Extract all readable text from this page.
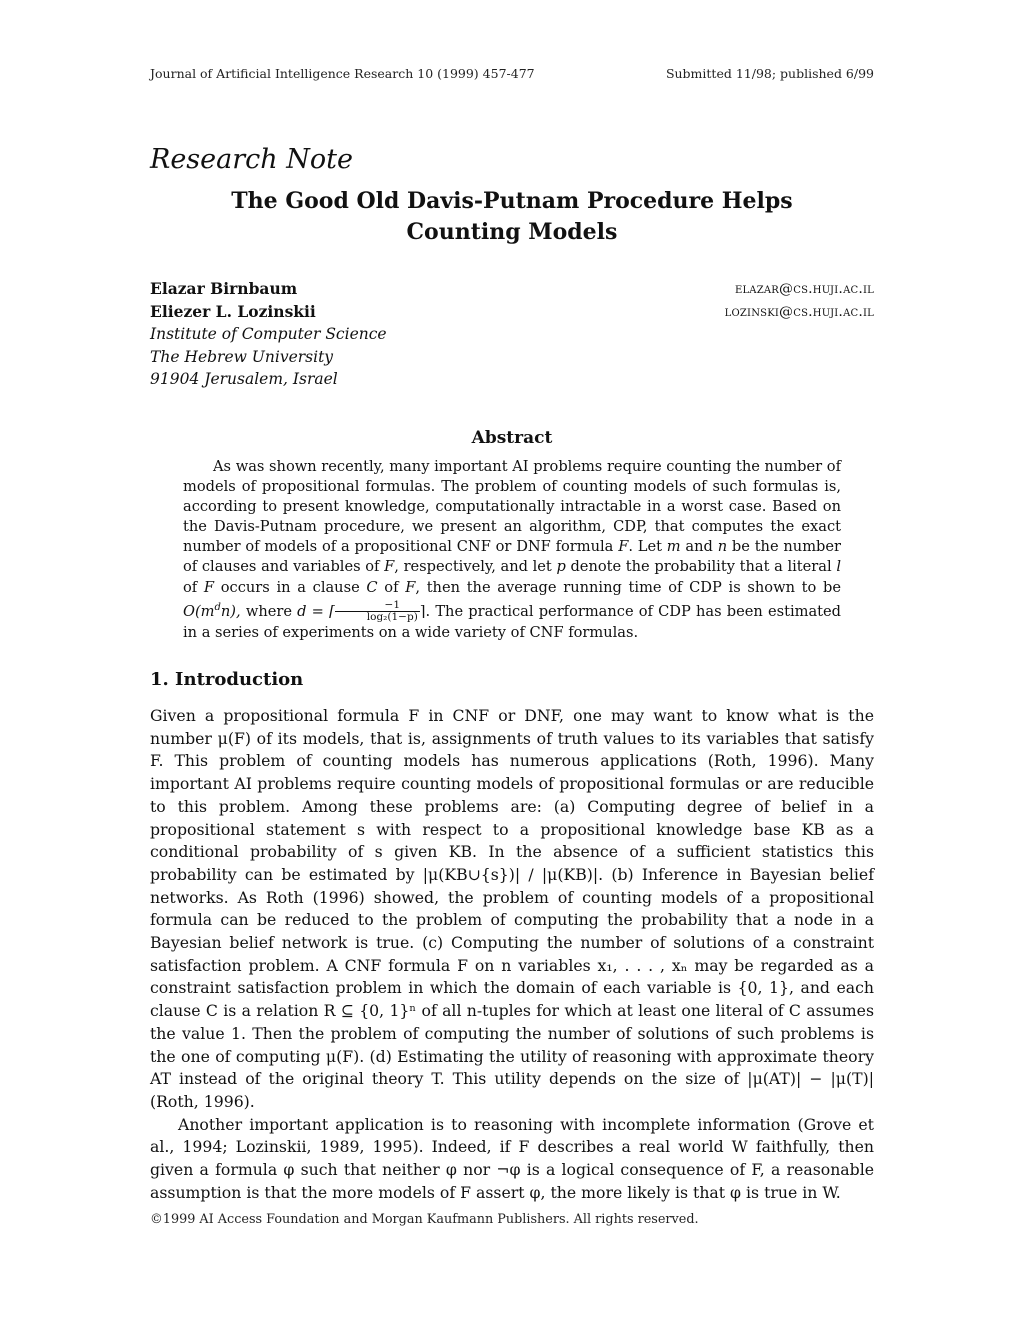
Journal of Artificial Intelligence Research 10 (1999) 457-477	Submitted 11/98; published 6/99
Research Note
The Good Old Davis-Putnam Procedure Helps
Counting Models
Elazar Birnbaum	elazar@cs.huji.ac.il
Eliezer L. Lozinskii	lozinski@cs.huji.ac.il
Institute of Computer Science
The Hebrew University
91904 Jerusalem, Israel
Abstract
As was shown recently, many important AI problems require counting the number of models of propositional formulas. The problem of counting models of such formulas is, according to present knowledge, computationally intractable in a worst case. Based on the Davis-Putnam procedure, we present an algorithm, CDP, that computes the exact number of models of a propositional CNF or DNF formula F. Let m and n be the number of clauses and variables of F, respectively, and let p denote the probability that a literal l of F occurs in a clause C of F, then the average running time of CDP is shown to be $O(m^dn)$, where d = ⌈ $\frac{-1}{\text{log₂(1−p)}}$ ⌉. The practical performance of CDP has been estimated in a series of experiments on a wide variety of CNF formulas.
1. Introduction

Given a propositional formula F in CNF or DNF, one may want to know what is the number μ(F) of its models, that is, assignments of truth values to its variables that satisfy F. This problem of counting models has numerous applications (Roth, 1996). Many important AI problems require counting models of propositional formulas or are reducible to this problem. Among these problems are: (a) Computing degree of belief in a propositional statement s with respect to a propositional knowledge base KB as a conditional probability of s given KB. In the absence of a sufficient statistics this probability can be estimated by |μ(KB∪{s})| / |μ(KB)|. (b) Inference in Bayesian belief networks. As Roth (1996) showed, the problem of counting models of a propositional formula can be reduced to the problem of computing the probability that a node in a Bayesian belief network is true. (c) Computing the number of solutions of a constraint satisfaction problem. A CNF formula F on n variables x₁, . . . , xₙ may be regarded as a constraint satisfaction problem in which the domain of each variable is {0, 1}, and each clause C is a relation R ⊆ {0, 1}ⁿ of all n-tuples for which at least one literal of C assumes the value 1. Then the problem of computing the number of solutions of such problems is the one of computing μ(F). (d) Estimating the utility of reasoning with approximate theory AT instead of the original theory T. This utility depends on the size of |μ(AT)| − |μ(T)| (Roth, 1996).

Another important application is to reasoning with incomplete information (Grove et al., 1994; Lozinskii, 1989, 1995). Indeed, if F describes a real world W faithfully, then given a formula φ such that neither φ nor ¬φ is a logical consequence of F, a reasonable assumption is that the more models of F assert φ, the more likely is that φ is true in W.

©1999 AI Access Foundation and Morgan Kaufmann Publishers. All rights reserved.
